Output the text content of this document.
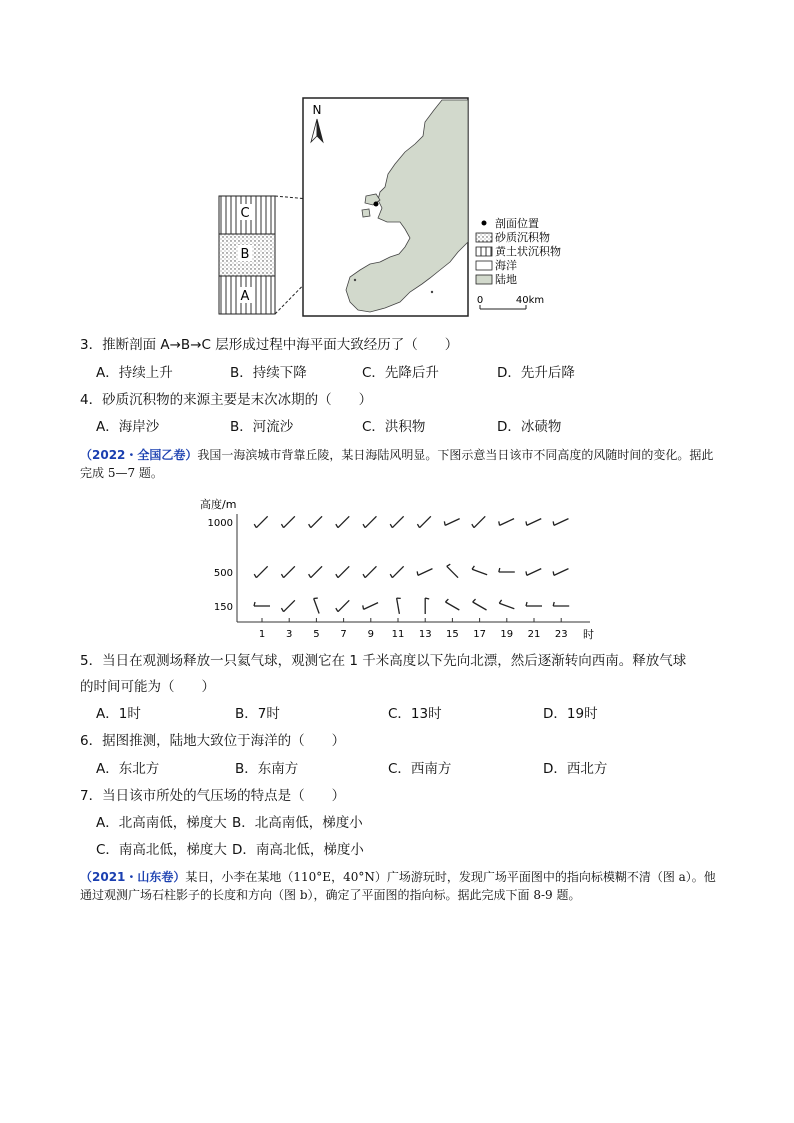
C
B
A
N
剖面位置
砂质沉积物
黄土状沉积物
海洋
陆地
0	40km
3．推断剖面 A→B→C 层形成过程中海平面大致经历了（　　）
A．持续上升	B．持续下降	C．先降后升	D．先升后降
4．砂质沉积物的来源主要是末次冰期的（　　）
A．海岸沙	B．河流沙	C．洪积物	D．冰碛物
（2022・全国乙卷）我国一海滨城市背靠丘陵，某日海陆风明显。下图示意当日该市不同高度的风随时间的变化。据此完成 5—7 题。
高度/m
时
1000
500
150
1 3 5 7 9 11 13 15 17 19 21 23
5．当日在观测场释放一只氦气球，观测它在 1 千米高度以下先向北漂，然后逐渐转向西南。释放气球
的时间可能为（　　）
A．1时	B．7时	C．13时	D．19时
6．据图推测，陆地大致位于海洋的（　　）
A．东北方	B．东南方	C．西南方	D．西北方
7．当日该市所处的气压场的特点是（　　）
A．北高南低，梯度大 B．北高南低，梯度小
C．南高北低，梯度大 D．南高北低，梯度小
（2021・山东卷）某日，小李在某地（110°E，40°N）广场游玩时，发现广场平面图中的指向标模糊不清（图 a）。他通过观测广场石柱影子的长度和方向（图 b），确定了平面图的指向标。据此完成下面 8-9 题。
